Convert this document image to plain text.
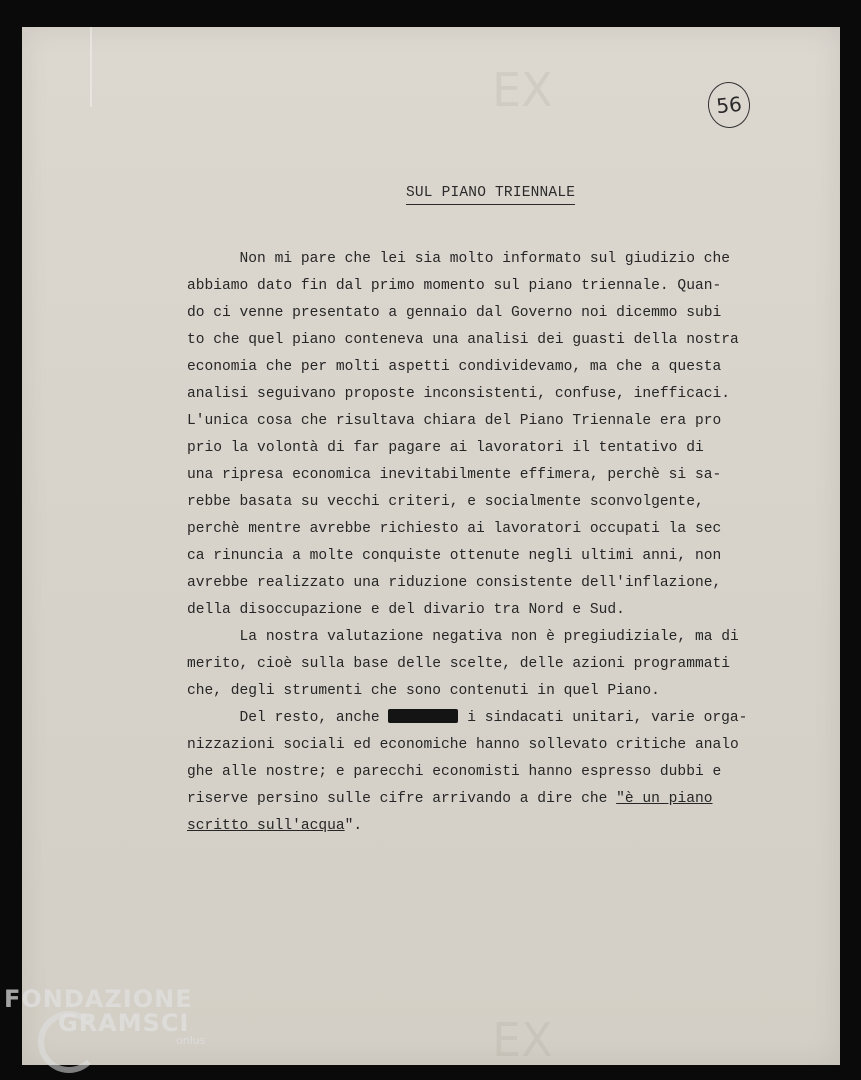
EX
EX
56
SUL PIANO TRIENNALE
Non mi pare che lei sia molto informato sul giudizio che
abbiamo dato fin dal primo momento sul piano triennale. Quan-
do ci venne presentato a gennaio dal Governo noi dicemmo subi
to che quel piano conteneva una analisi dei guasti della nostra
economia che per molti aspetti condividevamo, ma che a questa
analisi seguivano proposte inconsistenti, confuse, inefficaci.
L'unica cosa che risultava chiara del Piano Triennale era pro
prio la volontà di far pagare ai lavoratori il tentativo di
una ripresa economica inevitabilmente effimera, perchè si sa-
rebbe basata su vecchi criteri, e socialmente sconvolgente,
perchè mentre avrebbe richiesto ai lavoratori occupati la sec
ca rinuncia a molte conquiste ottenute negli ultimi anni, non
avrebbe realizzato una riduzione consistente dell'inflazione,
della disoccupazione e del divario tra Nord e Sud.
La nostra valutazione negativa non è pregiudiziale, ma di
merito, cioè sulla base delle scelte, delle azioni programmati
che, degli strumenti che sono contenuti in quel Piano.
Del resto, anche	i sindacati unitari, varie orga-
nizzazioni sociali ed economiche hanno sollevato critiche analo
ghe alle nostre; e parecchi economisti hanno espresso dubbi e
riserve persino sulle cifre arrivando a dire che "è un piano
scritto sull'acqua".
FONDAZIONE
GRAMSCI
onlus
